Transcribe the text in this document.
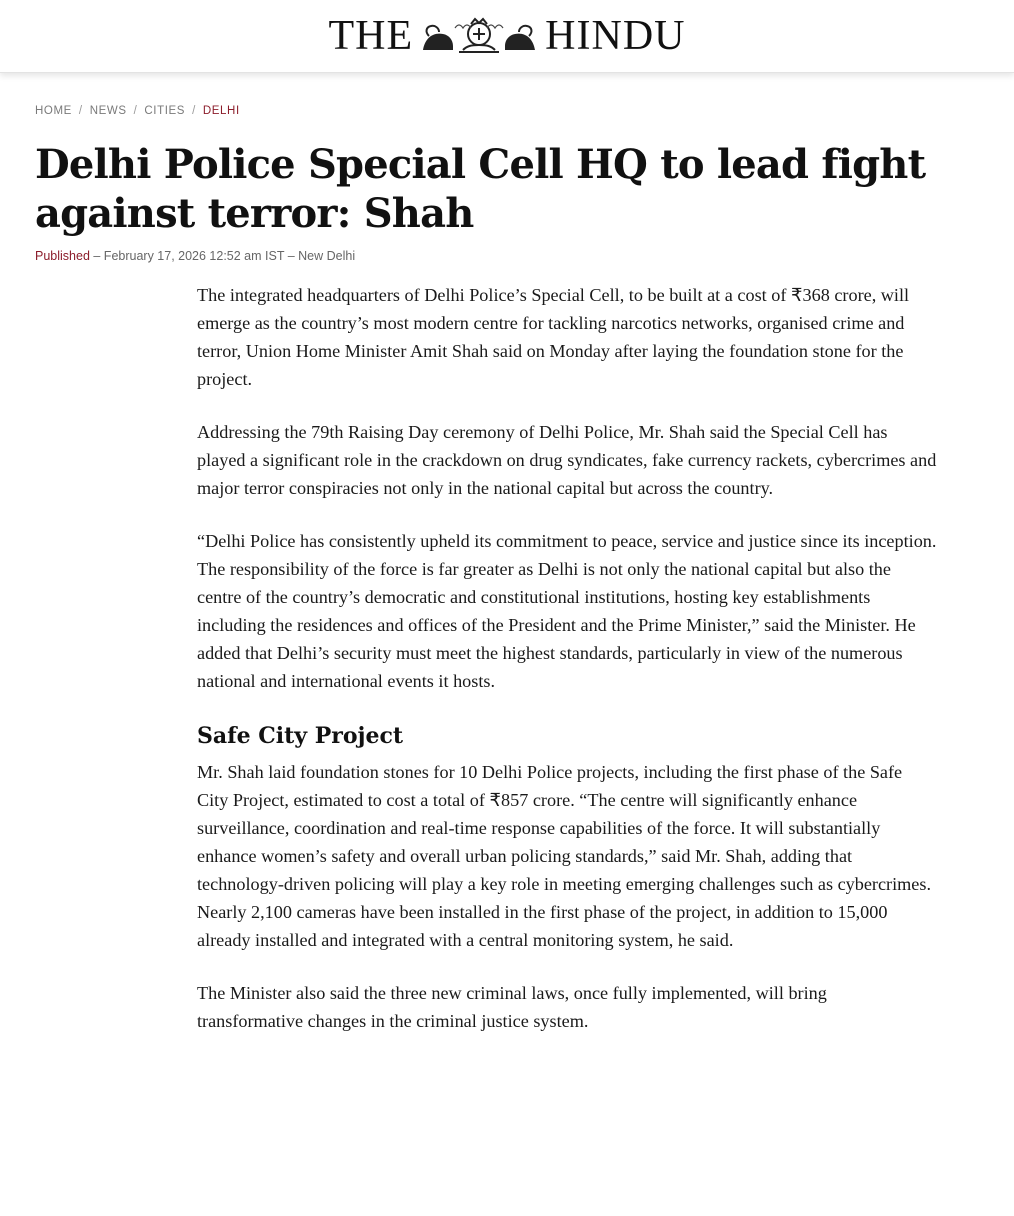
THE	HINDU
HOME / NEWS / CITIES / DELHI
Delhi Police Special Cell HQ to lead fight against terror: Shah
Published – February 17, 2026 12:52 am IST – New Delhi

The integrated headquarters of Delhi Police’s Special Cell, to be built at a cost of ₹368 crore, will emerge as the country’s most modern centre for tackling narcotics networks, organised crime and terror, Union Home Minister Amit Shah said on Monday after laying the foundation stone for the project.

Addressing the 79th Raising Day ceremony of Delhi Police, Mr. Shah said the Special Cell has played a significant role in the crackdown on drug syndicates, fake currency rackets, cybercrimes and major terror conspiracies not only in the national capital but across the country.

“Delhi Police has consistently upheld its commitment to peace, service and justice since its inception. The responsibility of the force is far greater as Delhi is not only the national capital but also the centre of the country’s democratic and constitutional institutions, hosting key establishments including the residences and offices of the President and the Prime Minister,” said the Minister. He added that Delhi’s security must meet the highest standards, particularly in view of the numerous national and international events it hosts.

Safe City Project

Mr. Shah laid foundation stones for 10 Delhi Police projects, including the first phase of the Safe City Project, estimated to cost a total of ₹857 crore. “The centre will significantly enhance surveillance, coordination and real-time response capabilities of the force. It will substantially enhance women’s safety and overall urban policing standards,” said Mr. Shah, adding that technology-driven policing will play a key role in meeting emerging challenges such as cybercrimes. Nearly 2,100 cameras have been installed in the first phase of the project, in addition to 15,000 already installed and integrated with a central monitoring system, he said.

The Minister also said the three new criminal laws, once fully implemented, will bring transformative changes in the criminal justice system.
